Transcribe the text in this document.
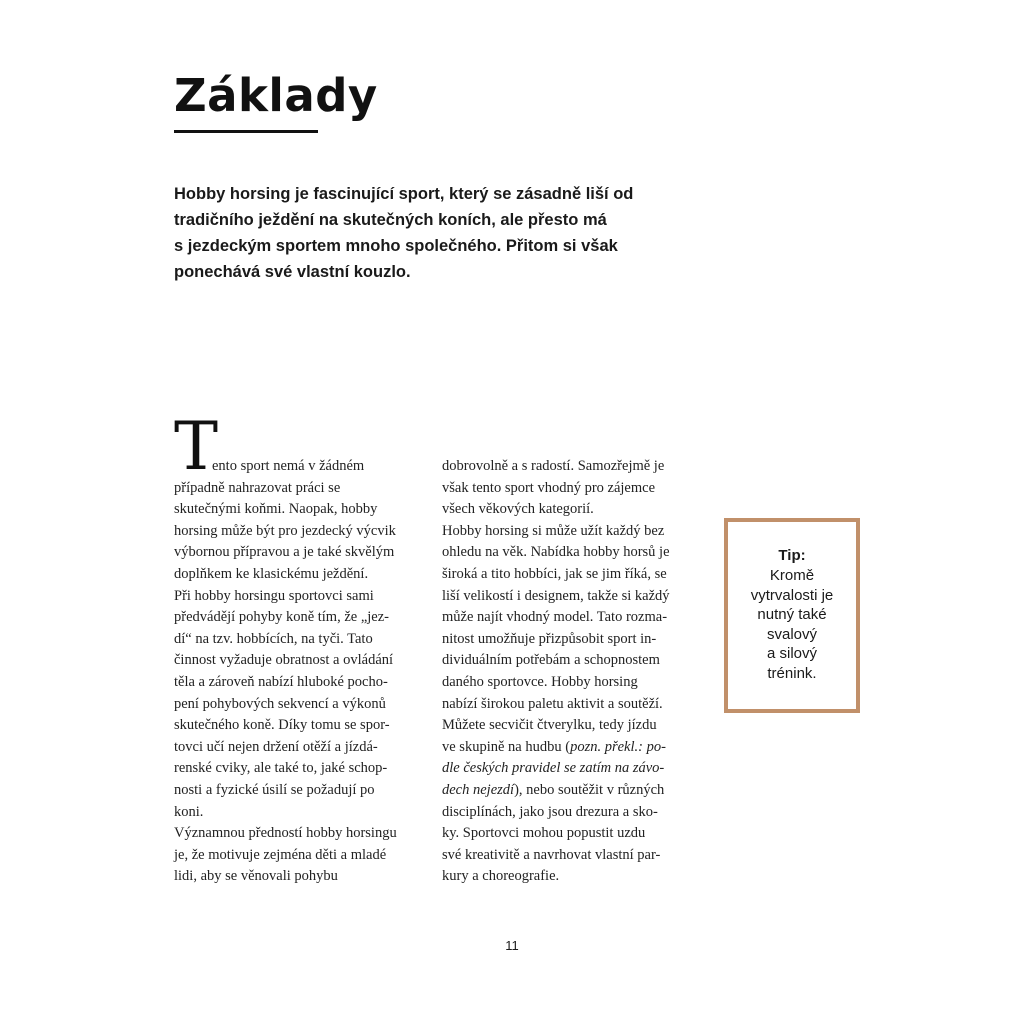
Základy

Hobby horsing je fascinující sport, který se zásadně liší od
tradičního ježdění na skutečných koních, ale přesto má
s jezdeckým sportem mnoho společného. Přitom si však
ponechává své vlastní kouzlo.

T
ento sport nemá v žádném
případně nahrazovat práci se
skutečnými koňmi. Naopak, hobby
horsing může být pro jezdecký výcvik
výbornou přípravou a je také skvělým
doplňkem ke klasickému ježdění.
Při hobby horsingu sportovci sami
předvádějí pohyby koně tím, že „jez-
dí“ na tzv. hobbících, na tyči. Tato
činnost vyžaduje obratnost a ovládání
těla a zároveň nabízí hluboké pocho-
pení pohybových sekvencí a výkonů
skutečného koně. Díky tomu se spor-
tovci učí nejen držení otěží a jízdá-
renské cviky, ale také to, jaké schop-
nosti a fyzické úsilí se požadují po
koni.
Významnou předností hobby horsingu
je, že motivuje zejména děti a mladé
lidi, aby se věnovali pohybu
dobrovolně a s radostí. Samozřejmě je
však tento sport vhodný pro zájemce
všech věkových kategorií.
Hobby horsing si může užít každý bez
ohledu na věk. Nabídka hobby horsů je
široká a tito hobbíci, jak se jim říká, se
liší velikostí i designem, takže si každý
může najít vhodný model. Tato rozma-
nitost umožňuje přizpůsobit sport in-
dividuálním potřebám a schopnostem
daného sportovce. Hobby horsing
nabízí širokou paletu aktivit a soutěží.
Můžete secvičit čtverylku, tedy jízdu
ve skupině na hudbu (pozn. překl.: po-
dle českých pravidel se zatím na závo-
dech nejezdí), nebo soutěžit v různých
disciplínách, jako jsou drezura a sko-
ky. Sportovci mohou popustit uzdu
své kreativitě a navrhovat vlastní par-
kury a choreografie.
Tip:
Kromě
vytrvalosti je
nutný také
svalový
a silový
trénink.
11
